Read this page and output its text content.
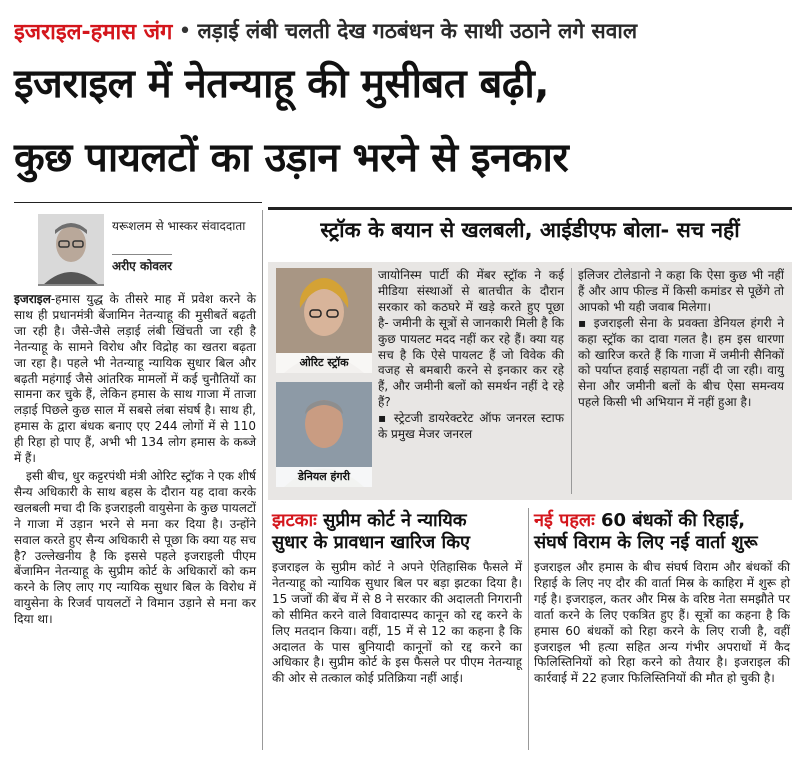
इजराइल-हमास जंग • लड़ाई लंबी चलती देख गठबंधन के साथी उठाने लगे सवाल
इजराइल में नेतन्याहू की मुसीबत बढ़ी,
कुछ पायलटों का उड़ान भरने से इनकार
यरूशलम से भास्कर संवाददाता
अरीए कोवलर

इजराइल-हमास युद्ध के तीसरे माह में प्रवेश करने के साथ ही प्रधानमंत्री बेंजामिन नेतन्याहू की मुसीबतें बढ़ती जा रही है। जैसे-जैसे लड़ाई लंबी खिंचती जा रही है नेतन्याहू के सामने विरोध और विद्रोह का खतरा बढ़ता जा रहा है। पहले भी नेतन्याहू न्यायिक सुधार बिल और बढ़ती महंगाई जैसे आंतरिक मामलों में कई चुनौतियों का सामना कर चुके हैं, लेकिन हमास के साथ गाजा में ताजा लड़ाई पिछले कुछ साल में सबसे लंबा संघर्ष है। साथ ही, हमास के द्वारा बंधक बनाए एए 244 लोगों में से 110 ही रिहा हो पाए हैं, अभी भी 134 लोग हमास के कब्जे में हैं।

इसी बीच, धुर कट्टरपंथी मंत्री ओरिट स्ट्रॉक ने एक शीर्ष सैन्य अधिकारी के साथ बहस के दौरान यह दावा करके खलबली मचा दी कि इजराइली वायुसेना के कुछ पायलटों ने गाजा में उड़ान भरने से मना कर दिया है। उन्होंने सवाल करते हुए सैन्य अधिकारी से पूछा कि क्या यह सच है? उल्लेखनीय है कि इससे पहले इजराइली पीएम बेंजामिन नेतन्याहू के सुप्रीम कोर्ट के अधिकारों को कम करने के लिए लाए गए न्यायिक सुधार बिल के विरोध में वायुसेना के रिजर्व पायलटों ने विमान उड़ाने से मना कर दिया था।

स्ट्रॉक के बयान से खलबली, आईडीएफ बोला- सच नहीं
ओरिट स्ट्रॉक
डेनियल हंगरी

जायोनिस्म पार्टी की मेंबर स्ट्रॉक ने कई मीडिया संस्थाओं से बातचीत के दौरान सरकार को कठघरे में खड़े करते हुए पूछा है- जमीनी के सूत्रों से जानकारी मिली है कि कुछ पायलट मदद नहीं कर रहे हैं। क्या यह सच है कि ऐसे पायलट हैं जो विवेक की वजह से बमबारी करने से इनकार कर रहे हैं, और जमीनी बलों को समर्थन नहीं दे रहे हैं?

▪ स्ट्रेटजी डायरेक्टरेट ऑफ जनरल स्टाफ के प्रमुख मेजर जनरल

इलिजर टोलेडानो ने कहा कि ऐसा कुछ भी नहीं हैं और आप फील्ड में किसी कमांडर से पूछेंगे तो आपको भी यही जवाब मिलेगा।

▪ इजराइली सेना के प्रवक्ता डेनियल हंगरी ने कहा स्ट्रॉक का दावा गलत है। हम इस धारणा को खारिज करते हैं कि गाजा में जमीनी सैनिकों को पर्याप्त हवाई सहायता नहीं दी जा रही। वायु सेना और जमीनी बलों के बीच ऐसा समन्वय पहले किसी भी अभियान में नहीं हुआ है।

झटकाः सुप्रीम कोर्ट ने न्यायिक
सुधार के प्रावधान खारिज किए
इजराइल के सुप्रीम कोर्ट ने अपने ऐतिहासिक फैसले में नेतन्याहू को न्यायिक सुधार बिल पर बड़ा झटका दिया है। 15 जजों की बेंच में से 8 ने सरकार की अदालती निगरानी को सीमित करने वाले विवादास्पद कानून को रद्द करने के लिए मतदान किया। वहीं, 15 में से 12 का कहना है कि अदालत के पास बुनियादी कानूनों को रद्द करने का अधिकार है। सुप्रीम कोर्ट के इस फैसले पर पीएम नेतन्याहू की ओर से तत्काल कोई प्रतिक्रिया नहीं आई।
नई पहलः 60 बंधकों की रिहाई,
संघर्ष विराम के लिए नई वार्ता शुरू
इजराइल और हमास के बीच संघर्ष विराम और बंधकों की रिहाई के लिए नए दौर की वार्ता मिस्र के काहिरा में शुरू हो गई है। इजराइल, कतर और मिस्र के वरिष्ठ नेता समझौते पर वार्ता करने के लिए एकत्रित हुए हैं। सूत्रों का कहना है कि हमास 60 बंधकों को रिहा करने के लिए राजी है, वहीं इजराइल भी हत्या सहित अन्य गंभीर अपराधों में कैद फिलिस्तिनियों को रिहा करने को तैयार है। इजराइल की कार्रवाई में 22 हजार फिलिस्तिनियों की मौत हो चुकी है।
